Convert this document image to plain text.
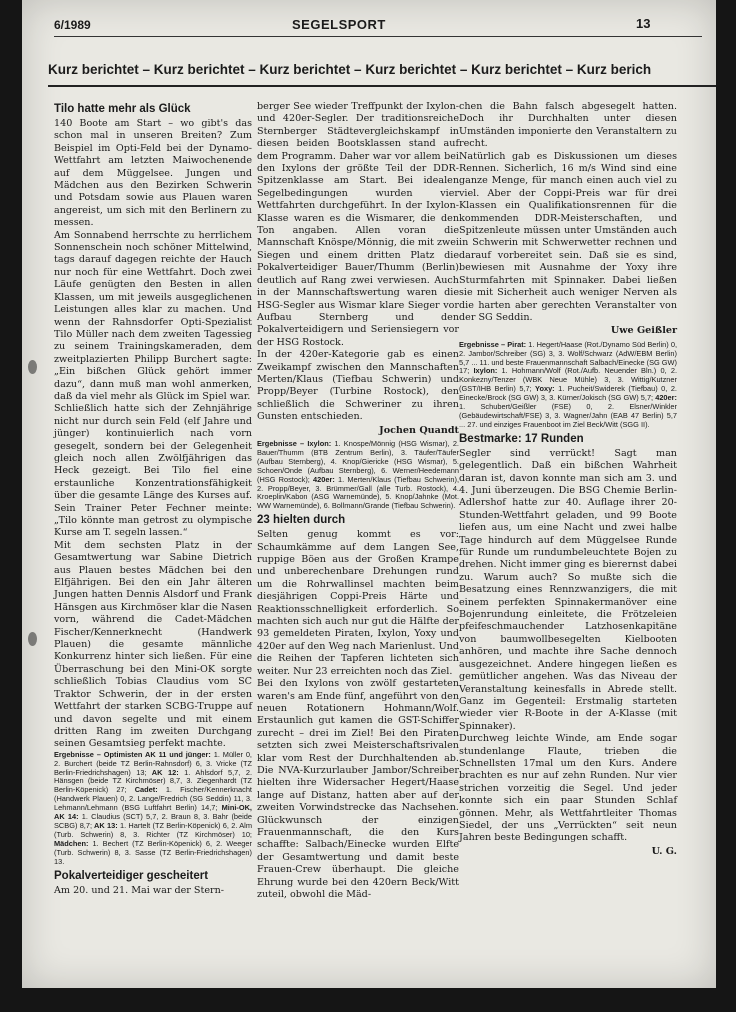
6/1989	SEGELSPORT	13
Kurz berichtet – Kurz berichtet – Kurz berichtet – Kurz berichtet – Kurz berichtet – Kurz berich
Tilo hatte mehr als Glück

140 Boote am Start – wo gibt's das schon mal in unseren Breiten? Zum Beispiel im Opti-Feld bei der Dynamo-Wettfahrt am letzten Maiwochenende auf dem Müggelsee. Jungen und Mädchen aus den Bezirken Schwerin und Potsdam sowie aus Plauen waren angereist, um sich mit den Berlinern zu messen.

Am Sonnabend herrschte zu herrlichem Sonnenschein noch schöner Mittelwind, tags darauf dagegen reichte der Hauch nur noch für eine Wettfahrt. Doch zwei Läufe genügten den Besten in allen Klassen, um mit jeweils ausgeglichenen Leistungen alles klar zu machen. Und wenn der Rahnsdorfer Opti-Spezialist Tilo Müller nach dem zweiten Tagessieg zu seinem Trainingskameraden, dem zweitplazierten Philipp Burchert sagte: „Ein bißchen Glück gehört immer dazu“, dann muß man wohl anmerken, daß da viel mehr als Glück im Spiel war.

Schließlich hatte sich der Zehnjährige nicht nur durch sein Feld (elf Jahre und jünger) kontinuierlich nach vorn gesegelt, sondern bei der Gelegenheit gleich noch allen Zwölfjährigen das Heck gezeigt. Bei Tilo fiel eine erstaunliche Konzentrationsfähigkeit über die gesamte Länge des Kurses auf. Sein Trainer Peter Fechner meinte: „Tilo könnte man getrost zu olympische Kurse am T. segeln lassen.“

Mit dem sechsten Platz in der Gesamtwertung war Sabine Dietrich aus Plauen bestes Mädchen bei den Elfjährigen. Bei den ein Jahr älteren Jungen hatten Dennis Alsdorf und Frank Hänsgen aus Kirchmöser klar die Nasen vorn, während die Cadet-Mädchen Fischer/Kennerknecht (Handwerk Plauen) die gesamte männliche Konkurrenz hinter sich ließen. Für eine Überraschung bei den Mini-OK sorgte schließlich Tobias Claudius vom SC Traktor Schwerin, der in der ersten Wettfahrt der starken SCBG-Truppe auf und davon segelte und mit einem dritten Rang im zweiten Durchgang seinen Gesamtsieg perfekt machte.

Ergebnisse – Optimisten AK 11 und jünger: 1. Müller 0, 2. Burchert (beide TZ Berlin-Rahnsdorf) 6, 3. Vricke (TZ Berlin-Friedrichshagen) 13; AK 12: 1. Ahlsdorf 5,7, 2. Hänsgen (beide TZ Kirchmöser) 8,7, 3. Ziegenhardt (TZ Berlin-Köpenick) 27; Cadet: 1. Fischer/Kennerknacht (Handwerk Plauen) 0, 2. Lange/Fredrich (SG Seddin) 11, 3. Lehmann/Lehmann (BSG Luftfahrt Berlin) 14,7; Mini-OK, AK 14: 1. Claudius (SCT) 5,7, 2. Braun 8, 3. Bahr (beide SCBG) 8,7; AK 13: 1. Hartelt (TZ Berlin-Köpenick) 6, 2. Alm (Turb. Schwerin) 8, 3. Richter (TZ Kirchmöser) 10; Mädchen: 1. Bechert (TZ Berlin-Köpenick) 6, 2. Weeger (Turb. Schwerin) 8, 3. Sasse (TZ Berlin-Friedrichshagen) 13.

Pokalverteidiger gescheitert

Am 20. und 21. Mai war der Stern-

berger See wieder Treffpunkt der Ixylon- und 420er-Segler. Der traditionsreiche Sternberger Städtevergleichskampf in diesen beiden Bootsklassen stand auf dem Programm. Daher war vor allem bei den Ixylons der größte Teil der DDR-Spitzenklasse am Start. Bei idealen Segelbedingungen wurden vier Wettfahrten durchgeführt. In der Ixylon-Klasse waren es die Wismarer, die den Ton angaben. Allen voran die Mannschaft Knöspe/Mönnig, die mit zwei Siegen und einem dritten Platz die Pokalverteidiger Bauer/Thumm (Berlin) deutlich auf Rang zwei verwiesen. Auch in der Mannschaftswertung waren die HSG-Segler aus Wismar klare Sieger vor Aufbau Sternberg und den Pokalverteidigern und Seriensiegern vor der HSG Rostock.

In der 420er-Kategorie gab es einen Zweikampf zwischen den Mannschaften Merten/Klaus (Tiefbau Schwerin) und Propp/Beyer (Turbine Rostock), den schließlich die Schweriner zu ihren Gunsten entschieden.

Jochen Quandt

Ergebnisse – Ixylon: 1. Knospe/Mönnig (HSG Wismar), 2. Bauer/Thumm (BTB Zentrum Berlin), 3. Täufer/Täufer (Aufbau Sternberg), 4. Knop/Giericke (HSG Wismar), 5. Schoen/Onde (Aufbau Sternberg), 6. Werner/Heedemann (HSG Rostock); 420er: 1. Merten/Klaus (Tiefbau Schwerin), 2. Propp/Beyer, 3. Brümmer/Gall (alle Turb. Rostock), 4. Kroeplin/Kabon (ASG Warnemünde), 5. Knop/Jahnke (Mot. WW Warnemünde), 6. Bollmann/Grande (Tiefbau Schwerin).

23 hielten durch

Selten genug kommt es vor: Schaumkämme auf dem Langen See, ruppige Böen aus der Großen Krampe und unberechenbare Drehungen rund um die Rohrwallinsel machten beim diesjährigen Coppi-Preis Härte und Reaktionsschnelligkeit erforderlich. So machten sich auch nur gut die Hälfte der 93 gemeldeten Piraten, Ixylon, Yoxy und 420er auf den Weg nach Marienlust. Und die Reihen der Tapferen lichteten sich weiter. Nur 23 erreichten noch das Ziel.

Bei den Ixylons von zwölf gestarteten waren's am Ende fünf, angeführt von den neuen Rotationern Hohmann/Wolf. Erstaunlich gut kamen die GST-Schiffer zurecht – drei im Ziel! Bei den Piraten setzten sich zwei Meisterschaftsrivalen klar vom Rest der Durchhaltenden ab. Die NVA-Kurzurlauber Jambor/Schreiber hielten ihre Widersacher Hegert/Haase lange auf Distanz, hatten aber auf der zweiten Vorwindstrecke das Nachsehen. Glückwunsch der einzigen Frauenmannschaft, die den Kurs schaffte: Salbach/Einecke wurden Elfte der Gesamtwertung und damit beste Frauen-Crew überhaupt. Die gleiche Ehrung wurde bei den 420ern Beck/Witt zuteil, obwohl die Mäd-

chen die Bahn falsch abgesegelt hatten. Doch ihr Durchhalten unter diesen Umständen imponierte den Veranstaltern zu recht.

Natürlich gab es Diskussionen um dieses Rennen. Sicherlich, 16 m/s Wind sind eine ganze Menge, für manch einen auch viel zu viel. Aber der Coppi-Preis war für drei Klassen ein Qualifikationsrennen für die kommenden DDR-Meisterschaften, und Spitzenleute müssen unter Umständen auch in Schwerin mit Schwerwetter rechnen und darauf vorbereitet sein. Daß sie es sind, bewiesen mit Ausnahme der Yoxy ihre Sturmfahrten mit Spinnaker. Dabei ließen sie mit Sicherheit auch weniger Nerven als die harten aber gerechten Veranstalter von der SG Seddin.

Uwe Geißler

Ergebnisse – Pirat: 1. Hegert/Haase (Rot./Dynamo Süd Berlin) 0, 2. Jambor/Schreiber (SG) 3, 3. Wolf/Schwarz (AdW/EBM Berlin) 5,7 ... 11. und beste Frauenmannschaft Salbach/Einecke (SG GW) 17; Ixylon: 1. Hohmann/Wolf (Rot./Aufb. Neuender Bln.) 0, 2. Konkezny/Tenzer (WBK Neue Mühle) 3, 3. Wittig/Kutzner (GST/IHB Berlin) 5,7; Yoxy: 1. Pucheit/Swiderek (Tiefbau) 0, 2. Einecke/Brock (SG GW) 3, 3. Kürner/Jokisch (SG GW) 5,7; 420er: 1. Schubert/Geißler (FSE) 0, 2. Elsner/Winkler (Gebäudewirtschaft/FSE) 3, 3. Wagner/Jahn (EAB 47 Berlin) 5,7 ... 27. und einziges Frauenboot im Ziel Beck/Witt (SGG II).

Bestmarke: 17 Runden

Segler sind verrückt! Sagt man gelegentlich. Daß ein bißchen Wahrheit daran ist, davon konnte man sich am 3. und 4. Juni überzeugen. Die BSG Chemie Berlin-Adlershof hatte zur 40. Auflage ihrer 20-Stunden-Wettfahrt geladen, und 99 Boote liefen aus, um eine Nacht und zwei halbe Tage hindurch auf dem Müggelsee Runde für Runde um rundumbeleuchtete Bojen zu drehen. Nicht immer ging es bierernst dabei zu. Warum auch? So mußte sich die Besatzung eines Rennzwanzigers, die mit einem perfekten Spinnakermanöver eine Bojenrundung einleitete, die Frötzeleien pfeifeschmauchender Latzhosenkapitäne von baumwollbesegelten Kielbooten anhören, und machte ihre Sache dennoch ausgezeichnet. Andere hingegen ließen es gemütlicher angehen. Was das Niveau der Veranstaltung keinesfalls in Abrede stellt. Ganz im Gegenteil: Erstmalig starteten wieder vier R-Boote in der A-Klasse (mit Spinnaker).

Durchweg leichte Winde, am Ende sogar stundenlange Flaute, trieben die Schnellsten 17mal um den Kurs. Andere brachten es nur auf zehn Runden. Nur vier strichen vorzeitig die Segel. Und jeder konnte sich ein paar Stunden Schlaf gönnen. Mehr, als Wettfahrtleiter Thomas Siedel, der uns „Verrückten“ seit neun Jahren beste Bedingungen schafft.

U. G.
